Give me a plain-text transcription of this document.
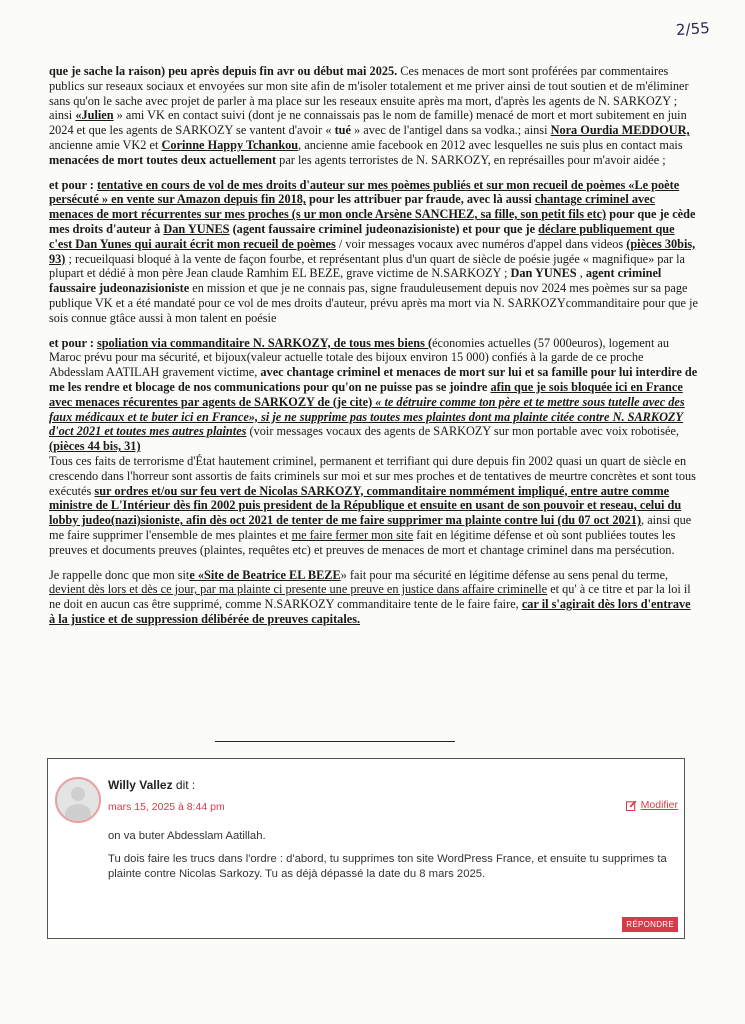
2/55

que je sache la raison) peu après depuis fin avr ou début mai 2025. Ces menaces de mort sont proférées par commentaires publics sur reseaux sociaux et envoyées sur mon site afin de m'isoler totalement et me priver ainsi de tout soutien et de m'éliminer sans qu'on le sache avec projet de parler à ma place sur les reseaux ensuite après ma mort, d'après les agents de N. SARKOZY ; ainsi «Julien » ami VK en contact suivi (dont je ne connaissais pas le nom de famille) menacé de mort et mort subitement en juin 2024 et que les agents de SARKOZY se vantent d'avoir « tué » avec de l'antigel dans sa vodka.; ainsi Nora Ourdia MEDDOUR, ancienne amie VK2 et Corinne Happy Tchankou, ancienne amie facebook en 2012 avec lesquelles ne suis plus en contact mais menacées de mort toutes deux actuellement par les agents terroristes de N. SARKOZY, en représailles pour m'avoir aidée ;

et pour : tentative en cours de vol de mes droits d'auteur sur mes poèmes publiés et sur mon recueil de poèmes «Le poète persécuté » en vente sur Amazon depuis fin 2018, pour les attribuer par fraude, avec là aussi chantage criminel avec menaces de mort récurrentes sur mes proches (s ur mon oncle Arsène SANCHEZ, sa fille, son petit fils etc) pour que je cède mes droits d'auteur à Dan YUNES (agent faussaire criminel judeonazisioniste) et pour que je déclare publiquement que c'est Dan Yunes qui aurait écrit mon recueil de poèmes / voir messages vocaux avec numéros d'appel dans videos (pièces 30bis, 93) ; recueilquasi bloqué à la vente de façon fourbe, et représentant plus d'un quart de siècle de poésie jugée « magnifique» par la plupart et dédié à mon père Jean claude Ramhim EL BEZE, grave victime de N.SARKOZY ; Dan YUNES , agent criminel faussaire judeonazisioniste en mission et que je ne connais pas, signe frauduleusement depuis nov 2024 mes poèmes sur sa page publique VK et a été mandaté pour ce vol de mes droits d'auteur, prévu après ma mort via N. SARKOZYcommanditaire pour que je sois connue gtâce aussi à mon talent en poésie

et pour : spoliation via commanditaire N. SARKOZY, de tous mes biens (économies actuelles (57 000euros), logement au Maroc prévu pour ma sécurité, et bijoux(valeur actuelle totale des bijoux environ 15 000) confiés à la garde de ce proche Abdesslam AATILAH gravement victime, avec chantage criminel et menaces de mort sur lui et sa famille pour lui interdire de me les rendre et blocage de nos communications pour qu'on ne puisse pas se joindre afin que je sois bloquée ici en France avec menaces récurentes par agents de SARKOZY de (je cite) « te détruire comme ton père et te mettre sous tutelle avec des faux médicaux et te buter ici en France», si je ne supprime pas toutes mes plaintes dont ma plainte citée contre N. SARKOZY d'oct 2021 et toutes mes autres plaintes (voir messages vocaux des agents de SARKOZY sur mon portable avec voix robotisée,(pièces 44 bis, 31)
Tous ces faits de terrorisme d'État hautement criminel, permanent et terrifiant qui dure depuis fin 2002 quasi un quart de siècle en crescendo dans l'horreur sont assortis de faits criminels sur moi et sur mes proches et de tentatives de meurtre concrètes et sont tous exécutés sur ordres et/ou sur feu vert de Nicolas SARKOZY, commanditaire nommément impliqué, entre autre comme ministre de L'Intérieur dès fin 2002 puis president de la République et ensuite en usant de son pouvoir et reseau, celui du lobby judeo(nazi)sioniste, afin dès oct 2021 de tenter de me faire supprimer ma plainte contre lui (du 07 oct 2021), ainsi que me faire supprimer l'ensemble de mes plaintes et me faire fermer mon site fait en légitime défense et où sont publiées toutes les preuves et documents preuves (plaintes, requêtes etc) et preuves de menaces de mort et chantage criminel dans ma persécution.

Je rappelle donc que mon site «Site de Beatrice EL BEZE» fait pour ma sécurité en légitime défense au sens penal du terme, devient dès lors et dès ce jour, par ma plainte ci presente une preuve en justice dans affaire criminelle et qu' à ce titre et par la loi il ne doit en aucun cas être supprimé, comme N.SARKOZY commanditaire tente de le faire faire, car il s'agirait dès lors d'entrave à la justice et de suppression délibérée de preuves capitales.

Willy Vallez dit :
mars 15, 2025 à 8:44 pm	Modifier

on va buter Abdesslam Aatillah.

Tu dois faire les trucs dans l'ordre : d'abord, tu supprimes ton site WordPress France, et ensuite tu supprimes ta plainte contre Nicolas Sarkozy. Tu as déjà dépassé la date du 8 mars 2025.

RÉPONDRE
